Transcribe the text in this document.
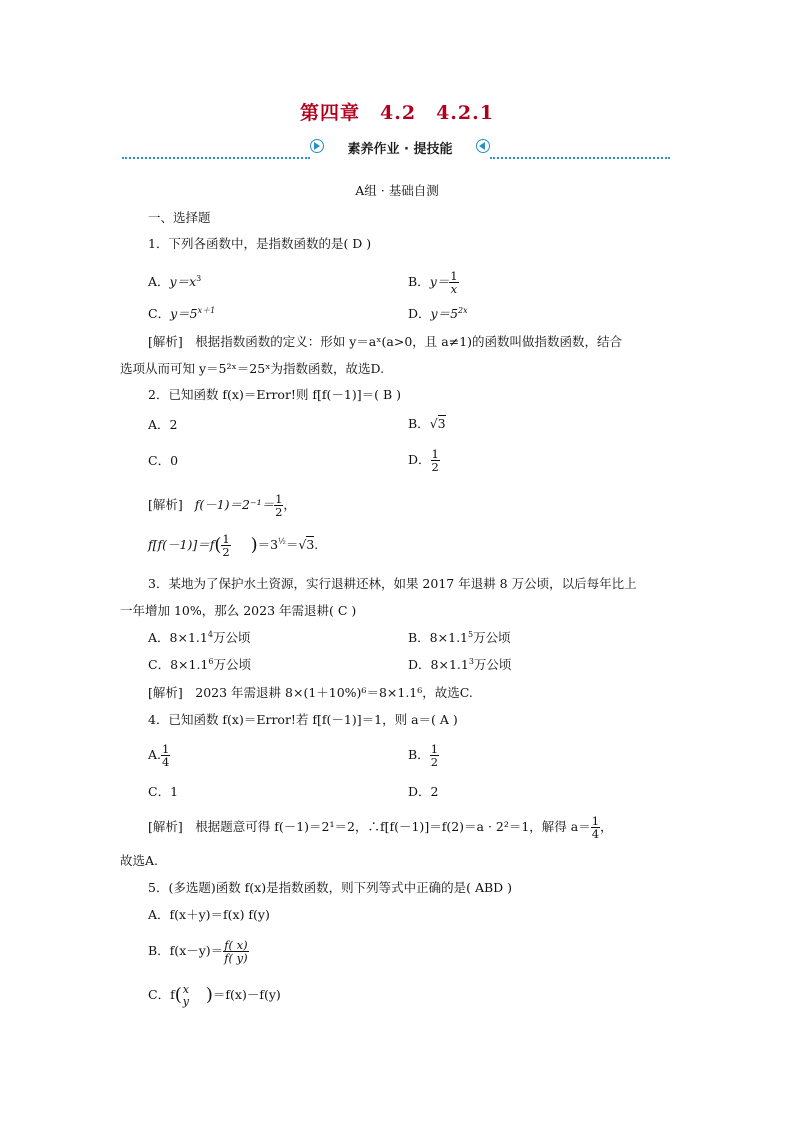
第四章　4.2　4.2.1
素养作业 · 提技能
A组 · 基础自测
一、选择题
1．下列各函数中，是指数函数的是( D )
A．$y=x^3$	B．$y= \frac{1}{x}$
C．$y=5^{x+1}$	D．$y=5^{2x}$
[解析]　根据指数函数的定义：形如 y＝aˣ(a>0，且 a≠1)的函数叫做指数函数，结合
选项从而可知 y＝5²ˣ＝25ˣ为指数函数，故选D.
2．已知函数 f(x)＝Error!则 f[f(－1)]＝( B )
A．2	B．√3
C．0	D． $\frac{1}{2}$
[解析] $f(-1)=2^{-1}= \frac{1}{2}$ ，
$f[f(-1)]=f( \frac{1}{2} )=3^{\frac{1}{2}}=√3$.
3．某地为了保护水土资源，实行退耕还林，如果 2017 年退耕 8 万公顷，以后每年比上
一年增加 10%，那么 2023 年需退耕( C )
A．$8\times 1.1^4$万公顷	B．$8\times 1.1^5$万公顷
C．$8\times 1.1^6$万公顷	D．$8\times 1.1^3$万公顷
[解析]　2023 年需退耕 8×(1＋10%)⁶＝8×1.1⁶，故选C.
4．已知函数 f(x)＝Error!若 f[f(－1)]＝1，则 a＝( A )
A. $\frac{1}{4}$	B． $\frac{1}{2}$
C．1	D．2
[解析]　根据题意可得 f(－1)＝2¹＝2，∴f[f(－1)]＝f(2)＝a · 2²＝1，解得 $a= \frac{1}{4}$ ，
故选A.
5．(多选题)函数 f(x)是指数函数，则下列等式中正确的是( ABD )
A．f(x＋y)＝f(x) f(y)
B．$f(x-y)= \frac{f( x)}{f( y)}$
C．f( x
y )＝f(x)－f(y)
